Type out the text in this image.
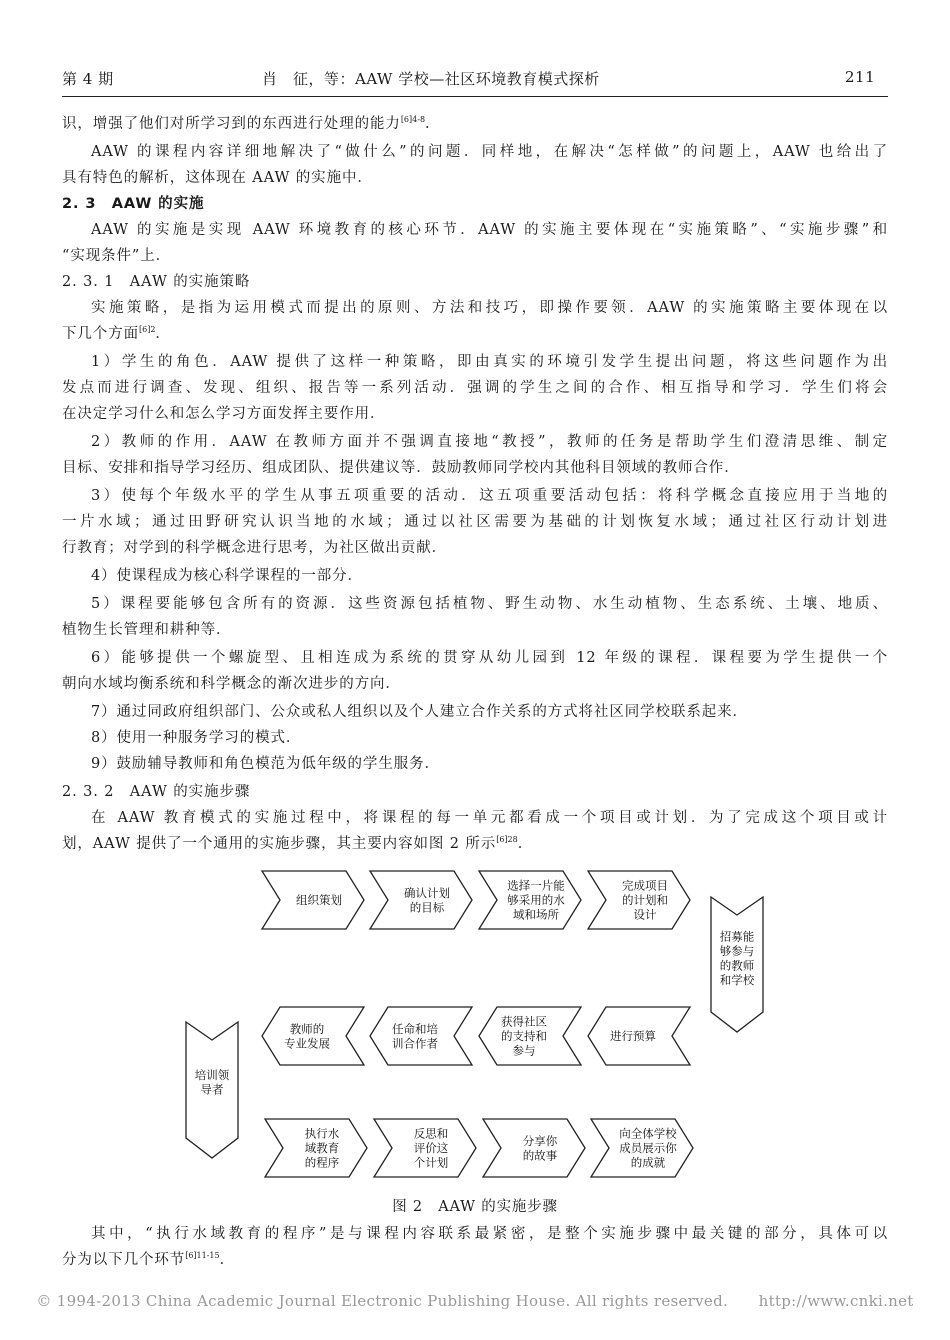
第 4 期	肖　征，等：AAW 学校—社区环境教育模式探析	211
识，增强了他们对所学习到的东西进行处理的能力$^{[6]4-8}$.
AAW 的课程内容详细地解决了“做什么”的问题．同样地，在解决“怎样做”的问题上，AAW 也给出了
具有特色的解析，这体现在 AAW 的实施中．
2. 3　 AAW 的实施
AAW 的实施是实现 AAW 环境教育的核心环节．AAW 的实施主要体现在“实施策略”、“实施步骤”和
“实现条件”上．
2. 3. 1　AAW 的实施策略
实施策略，是指为运用模式而提出的原则、方法和技巧，即操作要领．AAW 的实施策略主要体现在以
下几个方面$^{[6]2}$．
1）学生的角色．AAW 提供了这样一种策略，即由真实的环境引发学生提出问题，将这些问题作为出
发点而进行调查、发现、组织、报告等一系列活动．强调的学生之间的合作、相互指导和学习．学生们将会
在决定学习什么和怎么学习方面发挥主要作用．
2）教师的作用．AAW 在教师方面并不强调直接地“教授”，教师的任务是帮助学生们澄清思维、制定
目标、安排和指导学习经历、组成团队、提供建议等．鼓励教师同学校内其他科目领域的教师合作．
3）使每个年级水平的学生从事五项重要的活动．这五项重要活动包括：将科学概念直接应用于当地的
一片水域；通过田野研究认识当地的水域；通过以社区需要为基础的计划恢复水域；通过社区行动计划进
行教育；对学到的科学概念进行思考，为社区做出贡献．
4）使课程成为核心科学课程的一部分．
5）课程要能够包含所有的资源．这些资源包括植物、野生动物、水生动植物、生态系统、土壤、地质、
植物生长管理和耕种等．
6）能够提供一个螺旋型、且相连成为系统的贯穿从幼儿园到 12 年级的课程．课程要为学生提供一个
朝向水域均衡系统和科学概念的渐次进步的方向．
7）通过同政府组织部门、公众或私人组织以及个人建立合作关系的方式将社区同学校联系起来．
8）使用一种服务学习的模式．
9）鼓励辅导教师和角色模范为低年级的学生服务．
2. 3. 2　AAW 的实施步骤
在 AAW 教育模式的实施过程中，将课程的每一单元都看成一个项目或计划．为了完成这个项目或计
划，AAW 提供了一个通用的实施步骤，其主要内容如图 2 所示$^{[6]28}$．
组织策划
确认计划的目标
选择一片能够采用的水域和场所
完成项目的计划和设计
招募能够参与的教师和学校
进行预算
获得社区的支持和参与
任命和培训合作者
教师的专业发展
培训领导者
执行水域教育的程序
反思和评价这个计划
分享你的故事
向全体学校成员展示你的成就
图 2　AAW 的实施步骤
其中，“执行水域教育的程序”是与课程内容联系最紧密，是整个实施步骤中最关键的部分，具体可以
分为以下几个环节$^{[6]11-15}$．
© 1994-2013 China Academic Journal Electronic Publishing House. All rights reserved.　　http://www.cnki.net
